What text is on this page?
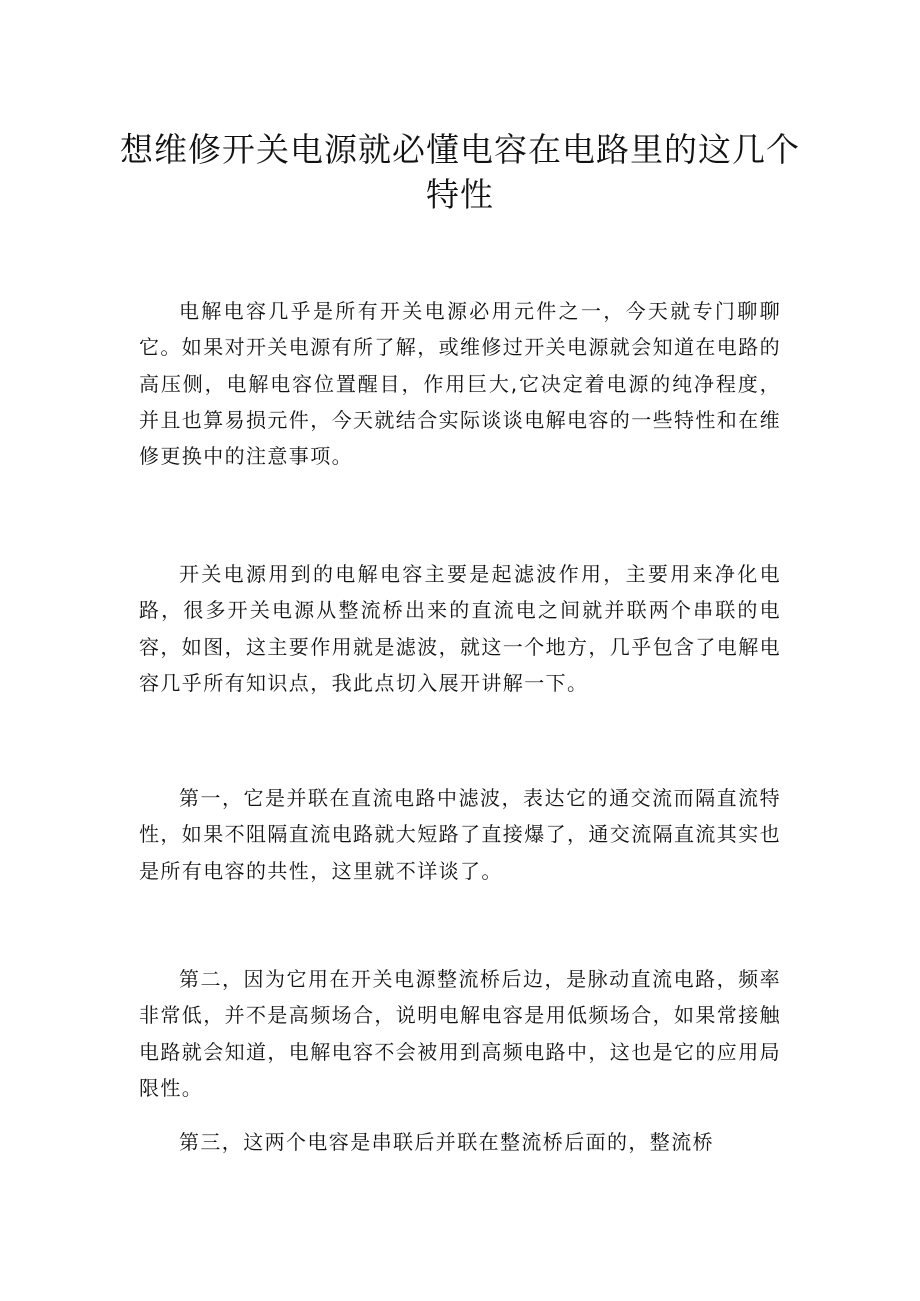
想维修开关电源就必懂电容在电路里的这几个特性

电解电容几乎是所有开关电源必用元件之一，今天就专门聊聊它。如果对开关电源有所了解，或维修过开关电源就会知道在电路的高压侧，电解电容位置醒目，作用巨大,它决定着电源的纯净程度，并且也算易损元件，今天就结合实际谈谈电解电容的一些特性和在维修更换中的注意事项。

开关电源用到的电解电容主要是起滤波作用，主要用来净化电路，很多开关电源从整流桥出来的直流电之间就并联两个串联的电容，如图，这主要作用就是滤波，就这一个地方，几乎包含了电解电容几乎所有知识点，我此点切入展开讲解一下。

第一，它是并联在直流电路中滤波，表达它的通交流而隔直流特性，如果不阻隔直流电路就大短路了直接爆了，通交流隔直流其实也是所有电容的共性，这里就不详谈了。

第二，因为它用在开关电源整流桥后边，是脉动直流电路，频率非常低，并不是高频场合，说明电解电容是用低频场合，如果常接触电路就会知道，电解电容不会被用到高频电路中，这也是它的应用局限性。

第三，这两个电容是串联后并联在整流桥后面的，整流桥
